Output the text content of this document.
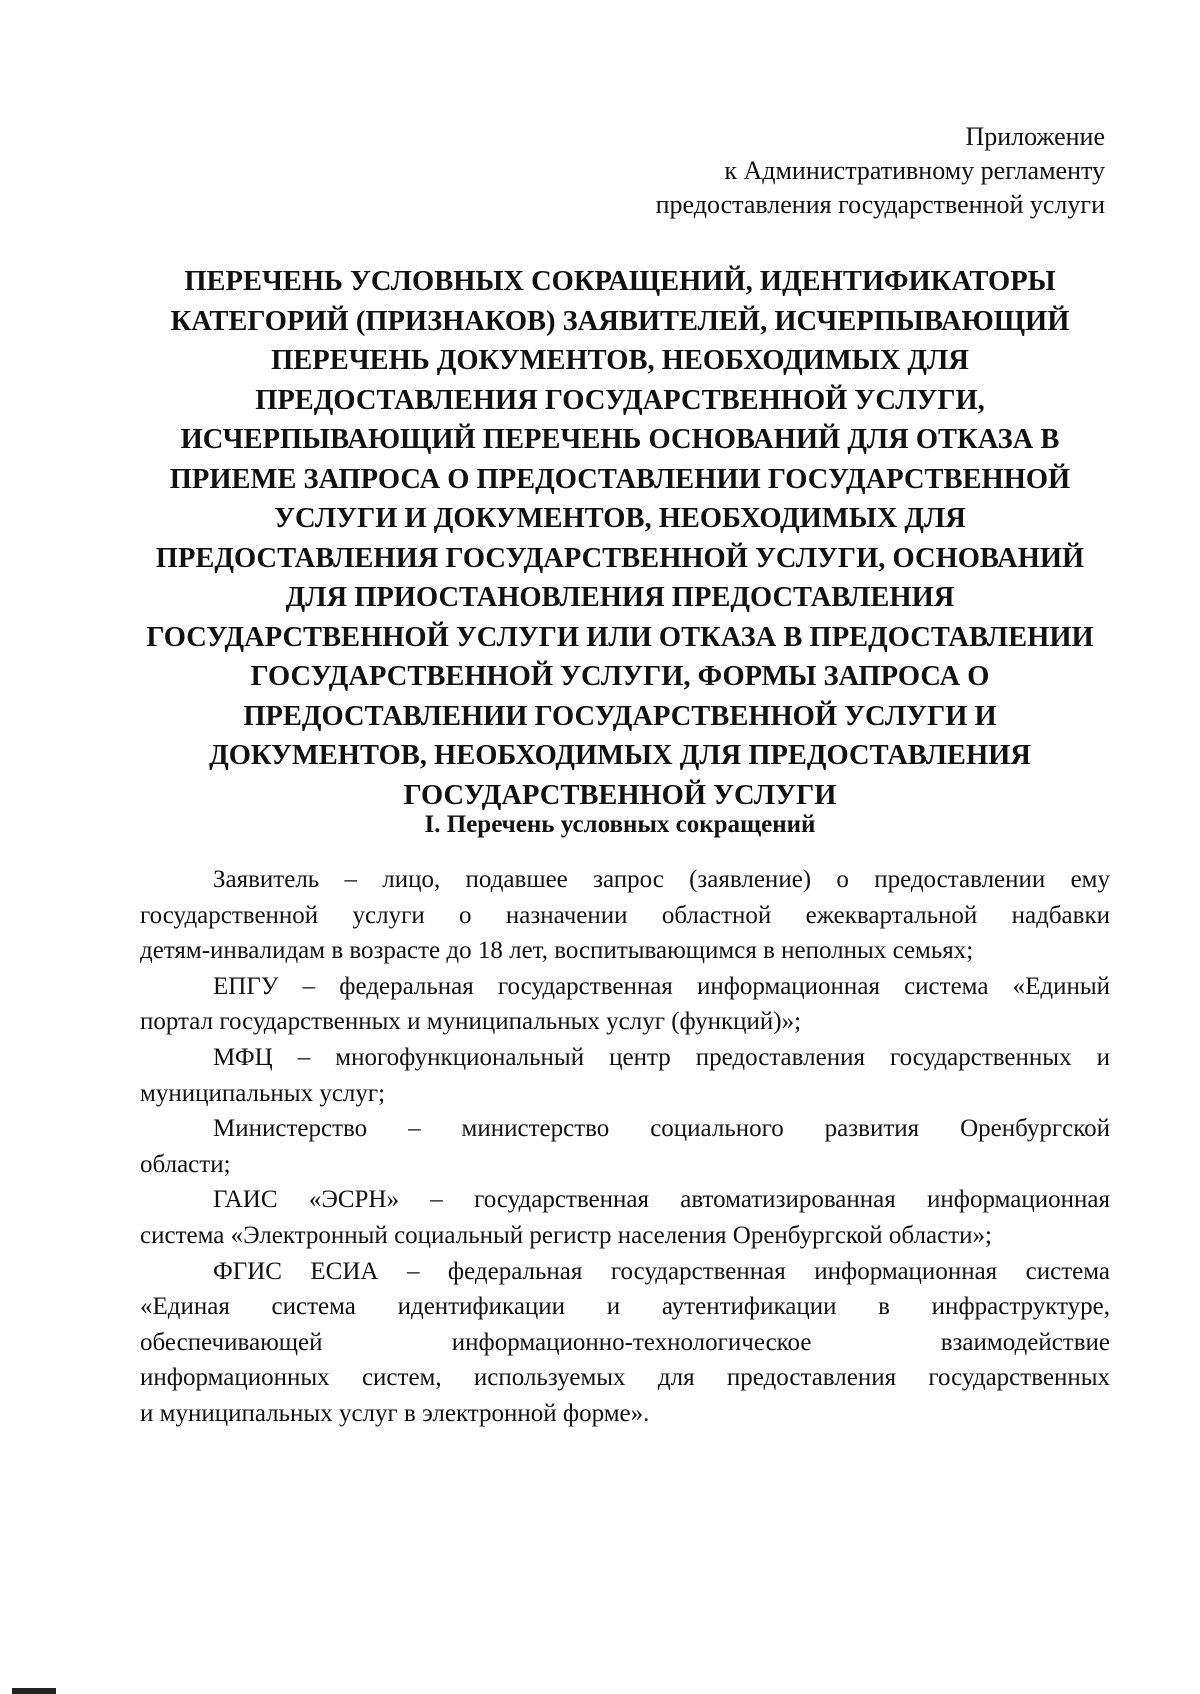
Приложение
к Административному регламенту
предоставления государственной услуги
ПЕРЕЧЕНЬ УСЛОВНЫХ СОКРАЩЕНИЙ, ИДЕНТИФИКАТОРЫ
КАТЕГОРИЙ (ПРИЗНАКОВ) ЗАЯВИТЕЛЕЙ, ИСЧЕРПЫВАЮЩИЙ
ПЕРЕЧЕНЬ ДОКУМЕНТОВ, НЕОБХОДИМЫХ ДЛЯ
ПРЕДОСТАВЛЕНИЯ ГОСУДАРСТВЕННОЙ УСЛУГИ,
ИСЧЕРПЫВАЮЩИЙ ПЕРЕЧЕНЬ ОСНОВАНИЙ ДЛЯ ОТКАЗА В
ПРИЕМЕ ЗАПРОСА О ПРЕДОСТАВЛЕНИИ ГОСУДАРСТВЕННОЙ
УСЛУГИ И ДОКУМЕНТОВ, НЕОБХОДИМЫХ ДЛЯ
ПРЕДОСТАВЛЕНИЯ ГОСУДАРСТВЕННОЙ УСЛУГИ, ОСНОВАНИЙ
ДЛЯ ПРИОСТАНОВЛЕНИЯ ПРЕДОСТАВЛЕНИЯ
ГОСУДАРСТВЕННОЙ УСЛУГИ ИЛИ ОТКАЗА В ПРЕДОСТАВЛЕНИИ
ГОСУДАРСТВЕННОЙ УСЛУГИ, ФОРМЫ ЗАПРОСА О
ПРЕДОСТАВЛЕНИИ ГОСУДАРСТВЕННОЙ УСЛУГИ И
ДОКУМЕНТОВ, НЕОБХОДИМЫХ ДЛЯ ПРЕДОСТАВЛЕНИЯ
ГОСУДАРСТВЕННОЙ УСЛУГИ
I. Перечень условных сокращений
Заявитель – лицо, подавшее запрос (заявление) о предоставлении ему
государственной услуги о назначении областной ежеквартальной надбавки
детям-инвалидам в возрасте до 18 лет, воспитывающимся в неполных семьях;
ЕПГУ – федеральная государственная информационная система «Единый
портал государственных и муниципальных услуг (функций)»;
МФЦ – многофункциональный центр предоставления государственных и
муниципальных услуг;
Министерство – министерство социального развития Оренбургской
области;
ГАИС «ЭСРН» – государственная автоматизированная информационная
система «Электронный социальный регистр населения Оренбургской области»;
ФГИС ЕСИА – федеральная государственная информационная система
«Единая система идентификации и аутентификации в инфраструктуре,
обеспечивающей информационно-технологическое взаимодействие
информационных систем, используемых для предоставления государственных
и муниципальных услуг в электронной форме».
